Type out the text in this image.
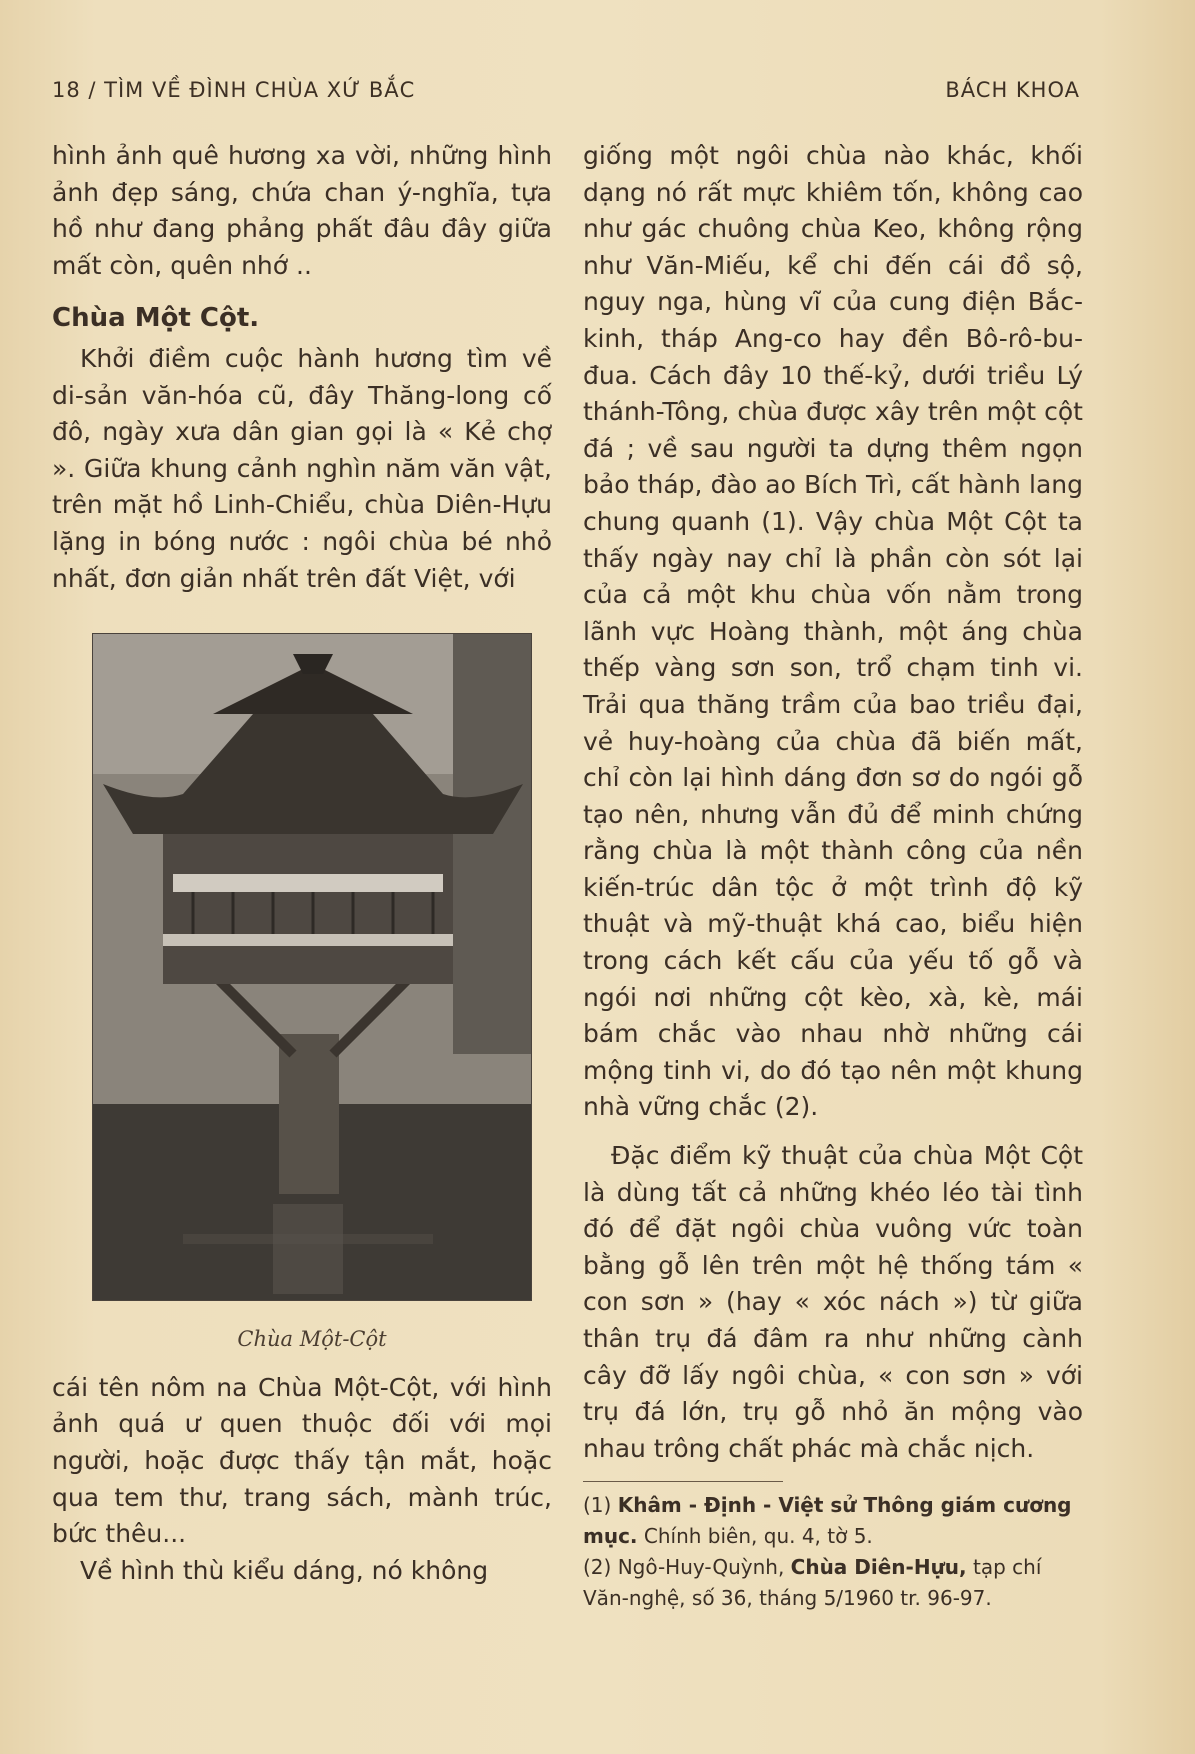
18 / TÌM VỀ ĐÌNH CHÙA XỨ BẮC	BÁCH KHOA

hình ảnh quê hương xa vời, những hình ảnh đẹp sáng, chứa chan ý-nghĩa, tựa hồ như đang phảng phất đâu đây giữa mất còn, quên nhớ ..

Chùa Một Cột.

Khởi điềm cuộc hành hương tìm về di-sản văn-hóa cũ, đây Thăng-long cố đô, ngày xưa dân gian gọi là « Kẻ chợ ». Giữa khung cảnh nghìn năm văn vật, trên mặt hồ Linh-Chiểu, chùa Diên-Hựu lặng in bóng nước : ngôi chùa bé nhỏ nhất, đơn giản nhất trên đất Việt, với

Chùa Một-Cột

cái tên nôm na Chùa Một-Cột, với hình ảnh quá ư quen thuộc đối với mọi người, hoặc được thấy tận mắt, hoặc qua tem thư, trang sách, mành trúc, bức thêu...

Về hình thù kiểu dáng, nó không

giống một ngôi chùa nào khác, khối dạng nó rất mực khiêm tốn, không cao như gác chuông chùa Keo, không rộng như Văn-Miếu, kể chi đến cái đồ sộ, nguy nga, hùng vĩ của cung điện Bắc-kinh, tháp Ang-co hay đền Bô-rô-bu-đua. Cách đây 10 thế-kỷ, dưới triều Lý thánh-Tông, chùa được xây trên một cột đá ; về sau người ta dựng thêm ngọn bảo tháp, đào ao Bích Trì, cất hành lang chung quanh (1). Vậy chùa Một Cột ta thấy ngày nay chỉ là phần còn sót lại của cả một khu chùa vốn nằm trong lãnh vực Hoàng thành, một áng chùa thếp vàng sơn son, trổ chạm tinh vi. Trải qua thăng trầm của bao triều đại, vẻ huy-hoàng của chùa đã biến mất, chỉ còn lại hình dáng đơn sơ do ngói gỗ tạo nên, nhưng vẫn đủ để minh chứng rằng chùa là một thành công của nền kiến-trúc dân tộc ở một trình độ kỹ thuật và mỹ-thuật khá cao, biểu hiện trong cách kết cấu của yếu tố gỗ và ngói nơi những cột kèo, xà, kè, mái bám chắc vào nhau nhờ những cái mộng tinh vi, do đó tạo nên một khung nhà vững chắc (2).

Đặc điểm kỹ thuật của chùa Một Cột là dùng tất cả những khéo léo tài tình đó để đặt ngôi chùa vuông vức toàn bằng gỗ lên trên một hệ thống tám « con sơn » (hay « xóc nách ») từ giữa thân trụ đá đâm ra như những cành cây đỡ lấy ngôi chùa, « con sơn » với trụ đá lớn, trụ gỗ nhỏ ăn mộng vào nhau trông chất phác mà chắc nịch.

(1) Khâm - Định - Việt sử Thông giám cương mục. Chính biên, qu. 4, tờ 5.
(2) Ngô-Huy-Quỳnh, Chùa Diên-Hựu, tạp chí Văn-nghệ, số 36, tháng 5/1960 tr. 96-97.
